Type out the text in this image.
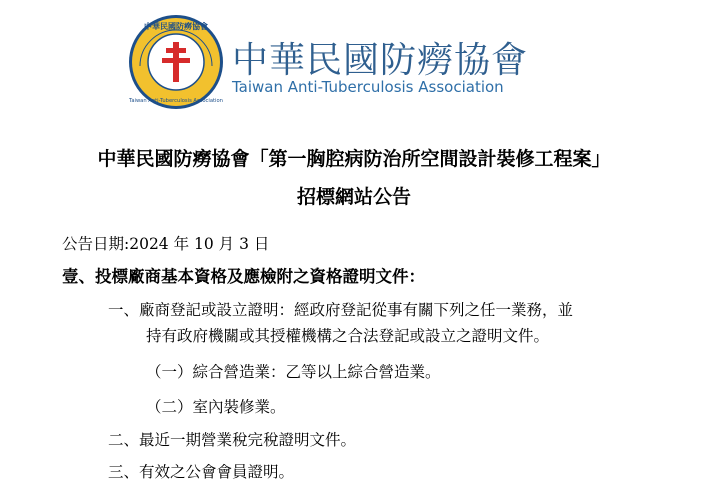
中華民國防癆協會
Taiwan Anti-Tuberculosis Association
中華民國防癆協會
Taiwan Anti-Tuberculosis Association
中華民國防癆協會「第一胸腔病防治所空間設計裝修工程案」
招標網站公告
公告日期:2024 年 10 月 3 日
壹、投標廠商基本資格及應檢附之資格證明文件：
一、廠商登記或設立證明：經政府登記從事有關下列之任一業務，並
持有政府機關或其授權機構之合法登記或設立之證明文件。
（一）綜合營造業：乙等以上綜合營造業。
（二）室內裝修業。
二、最近一期營業稅完稅證明文件。
三、有效之公會會員證明。
